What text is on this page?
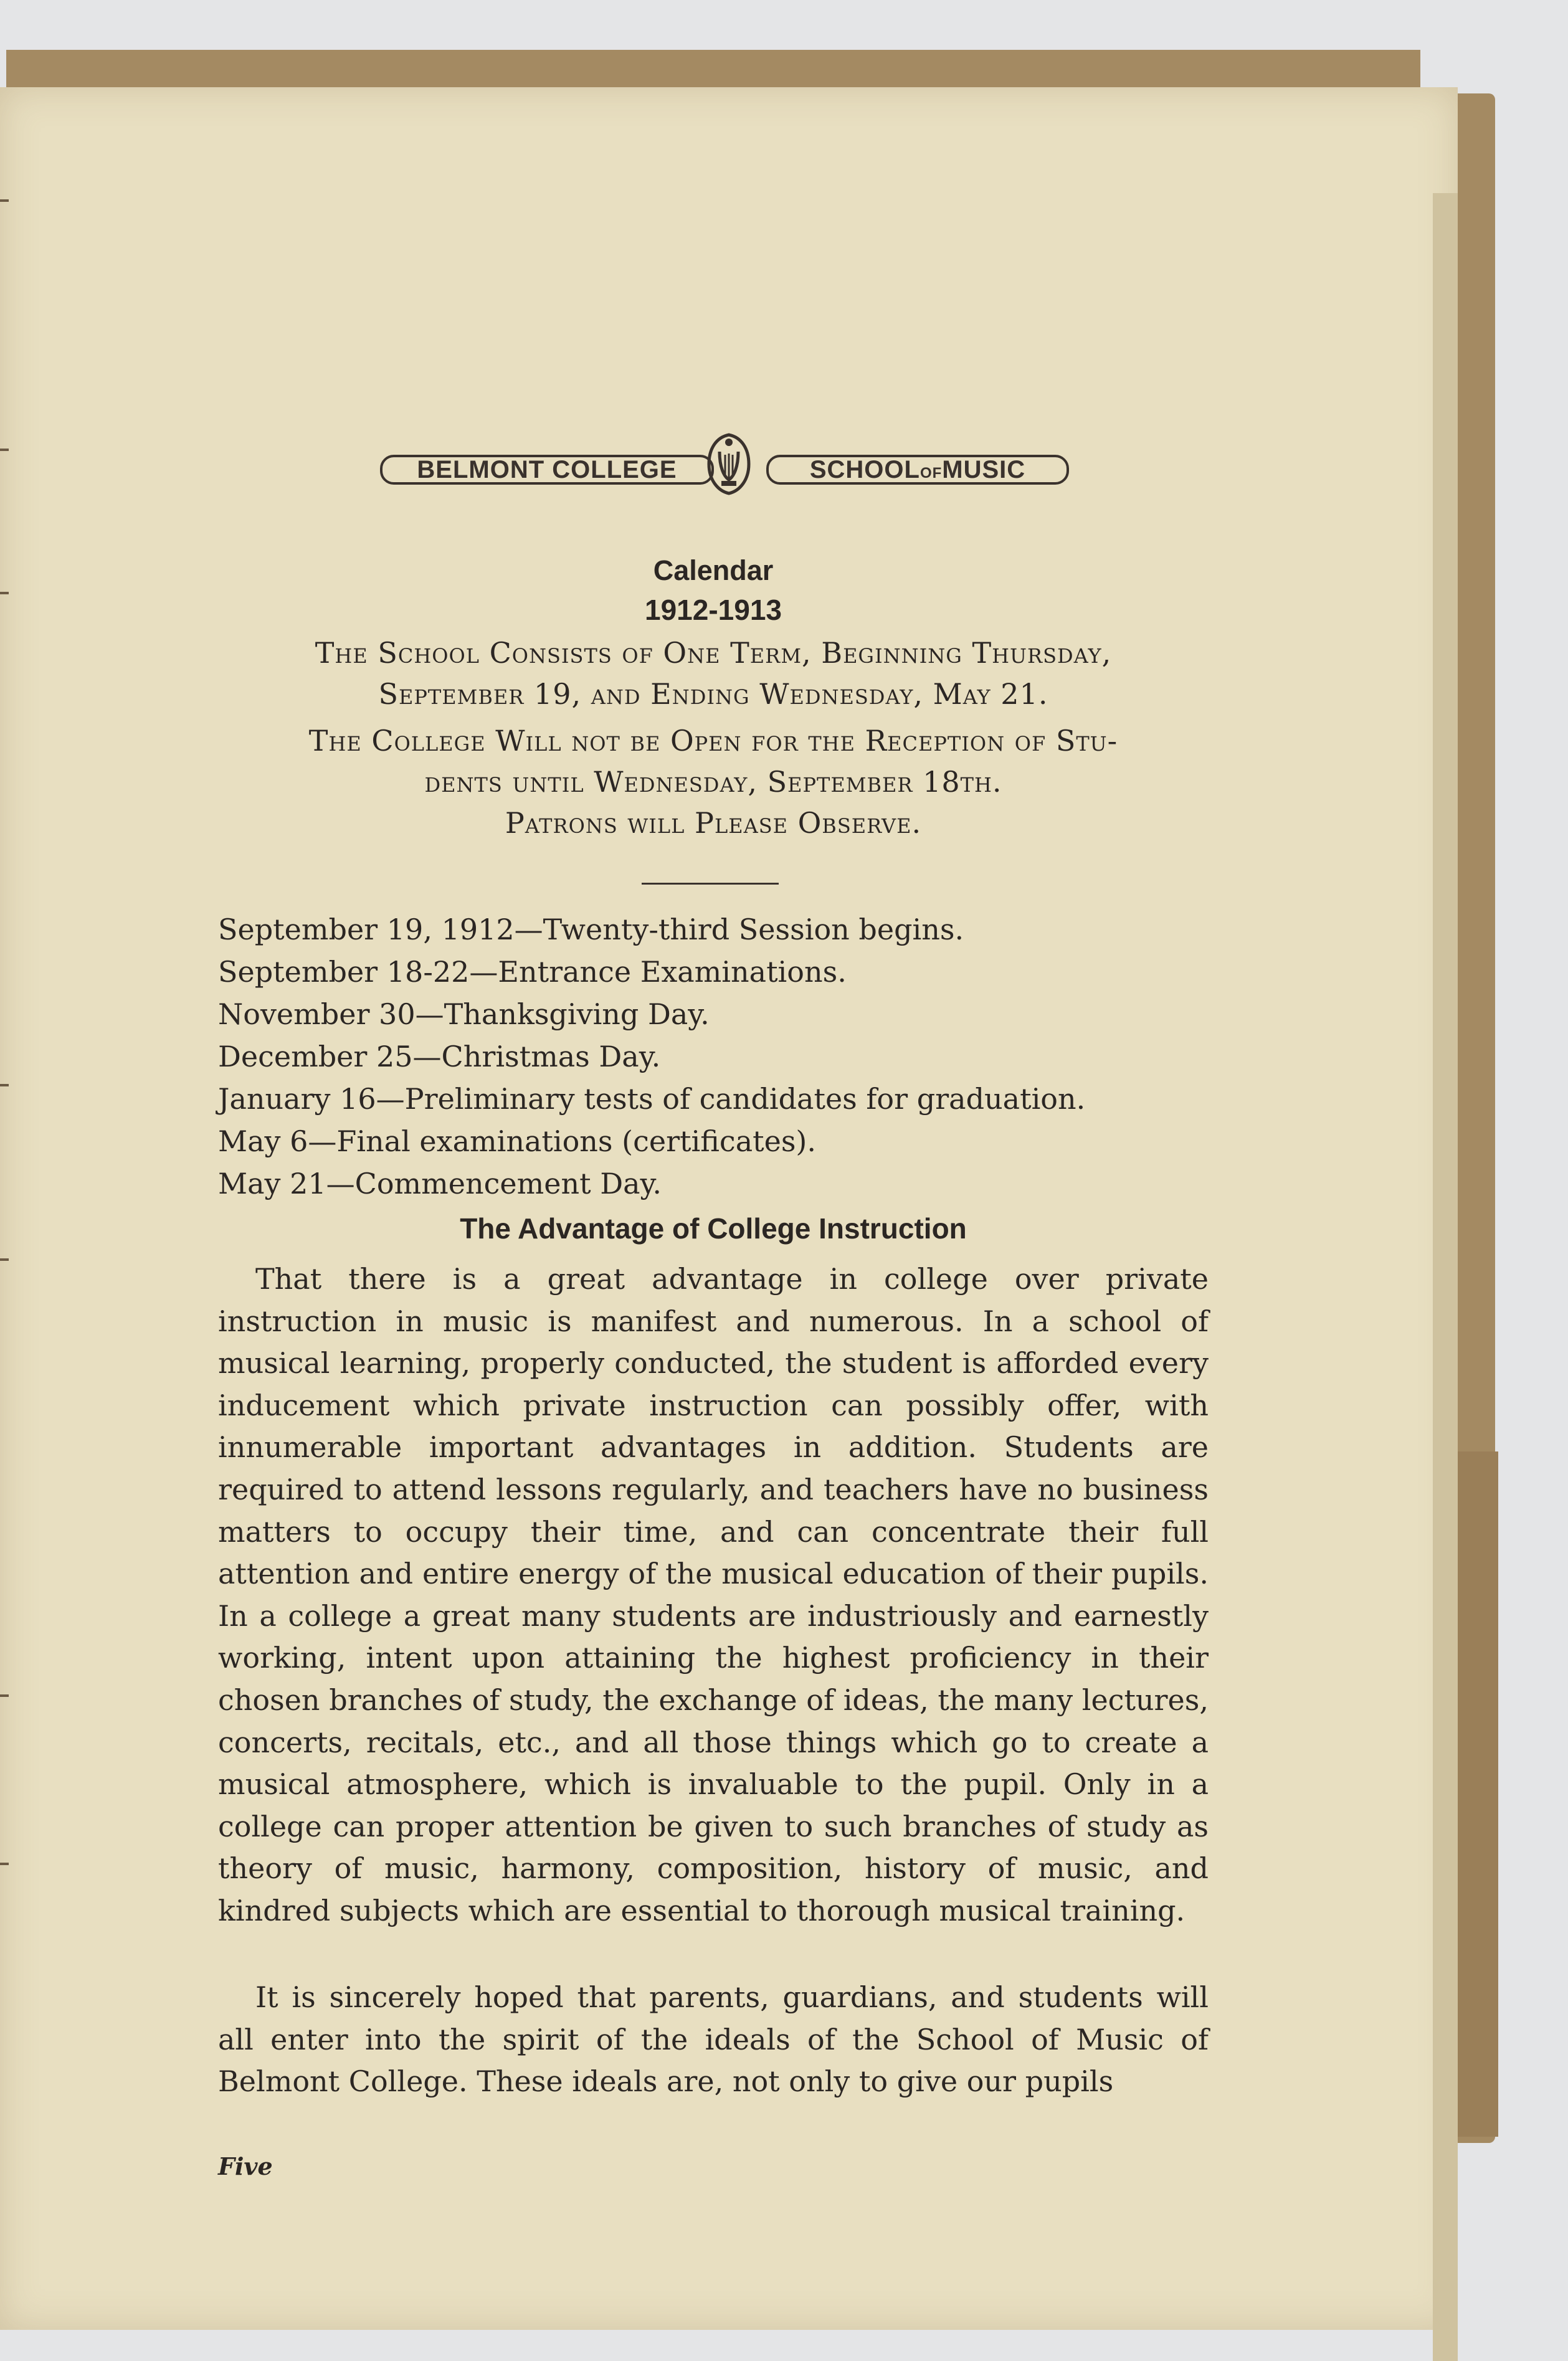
BELMONT COLLEGE	SCHOOLOFMUSIC
Calendar
1912-1913
The School Consists of One Term, Beginning Thursday,
September 19, and Ending Wednesday, May 21.
The College Will not be Open for the Reception of Stu-
dents until Wednesday, September 18th.
Patrons will Please Observe.
September 19, 1912—Twenty-third Session begins.
September 18-22—Entrance Examinations.
November 30—Thanksgiving Day.
December 25—Christmas Day.
January 16—Preliminary tests of candidates for graduation.
May 6—Final examinations (certificates).
May 21—Commencement Day.
The Advantage of College Instruction
That there is a great advantage in college over private instruction in music is manifest and numerous. In a school of musical learning, properly conducted, the student is afforded every inducement which private instruction can possibly offer, with innumerable important advantages in addition. Students are required to attend lessons regularly, and teachers have no business matters to occupy their time, and can concentrate their full attention and entire energy of the musical education of their pupils. In a college a great many students are industriously and earnestly working, intent upon attaining the highest proficiency in their chosen branches of study, the exchange of ideas, the many lectures, concerts, recitals, etc., and all those things which go to create a musical atmosphere, which is invaluable to the pupil. Only in a college can proper attention be given to such branches of study as theory of music, harmony, composition, history of music, and kindred subjects which are essential to thorough musical training.
It is sincerely hoped that parents, guardians, and students will all enter into the spirit of the ideals of the School of Music of Belmont College. These ideals are, not only to give our pupils
Five
